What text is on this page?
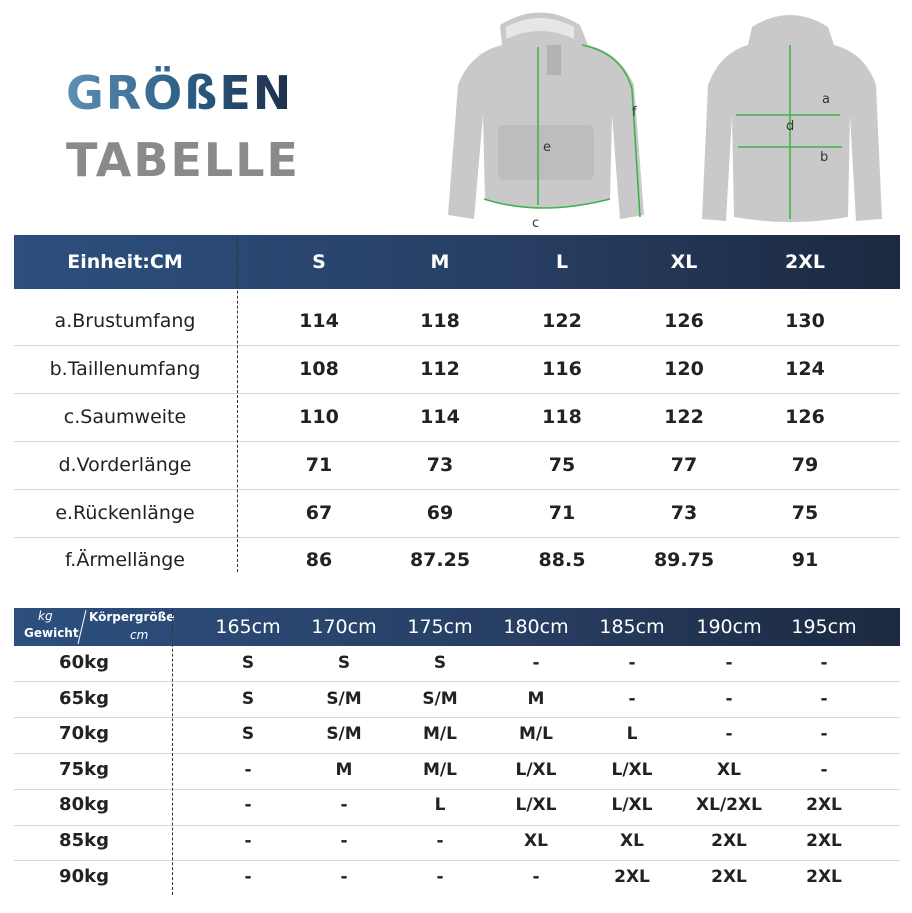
GRÖßEN
TABELLE	e
c
f
a
d
b
Einheit:CM	S	M	L	XL	2XL
a.Brustumfang	114	118	122	126	130
b.Taillenumfang	108	112	116	120	124
c.Saumweite	110	114	118	122	126
d.Vorderlänge	71	73	75	77	79
e.Rückenlänge	67	69	71	73	75
f.Ärmellänge	86	87.25	88.5	89.75	91
165cm	170cm	175cm	180cm	185cm	190cm	195cm
kg
Gewicht
Körpergröße
cm
60kg	S	S	S	-	-	-	-
65kg	S	S/M	S/M	M	-	-	-
70kg	S	S/M	M/L	M/L	L	-	-
75kg	-	M	M/L	L/XL	L/XL	XL	-
80kg	-	-	L	L/XL	L/XL	XL/2XL	2XL
85kg	-	-	-	XL	XL	2XL	2XL
90kg	-	-	-	-	2XL	2XL	2XL
